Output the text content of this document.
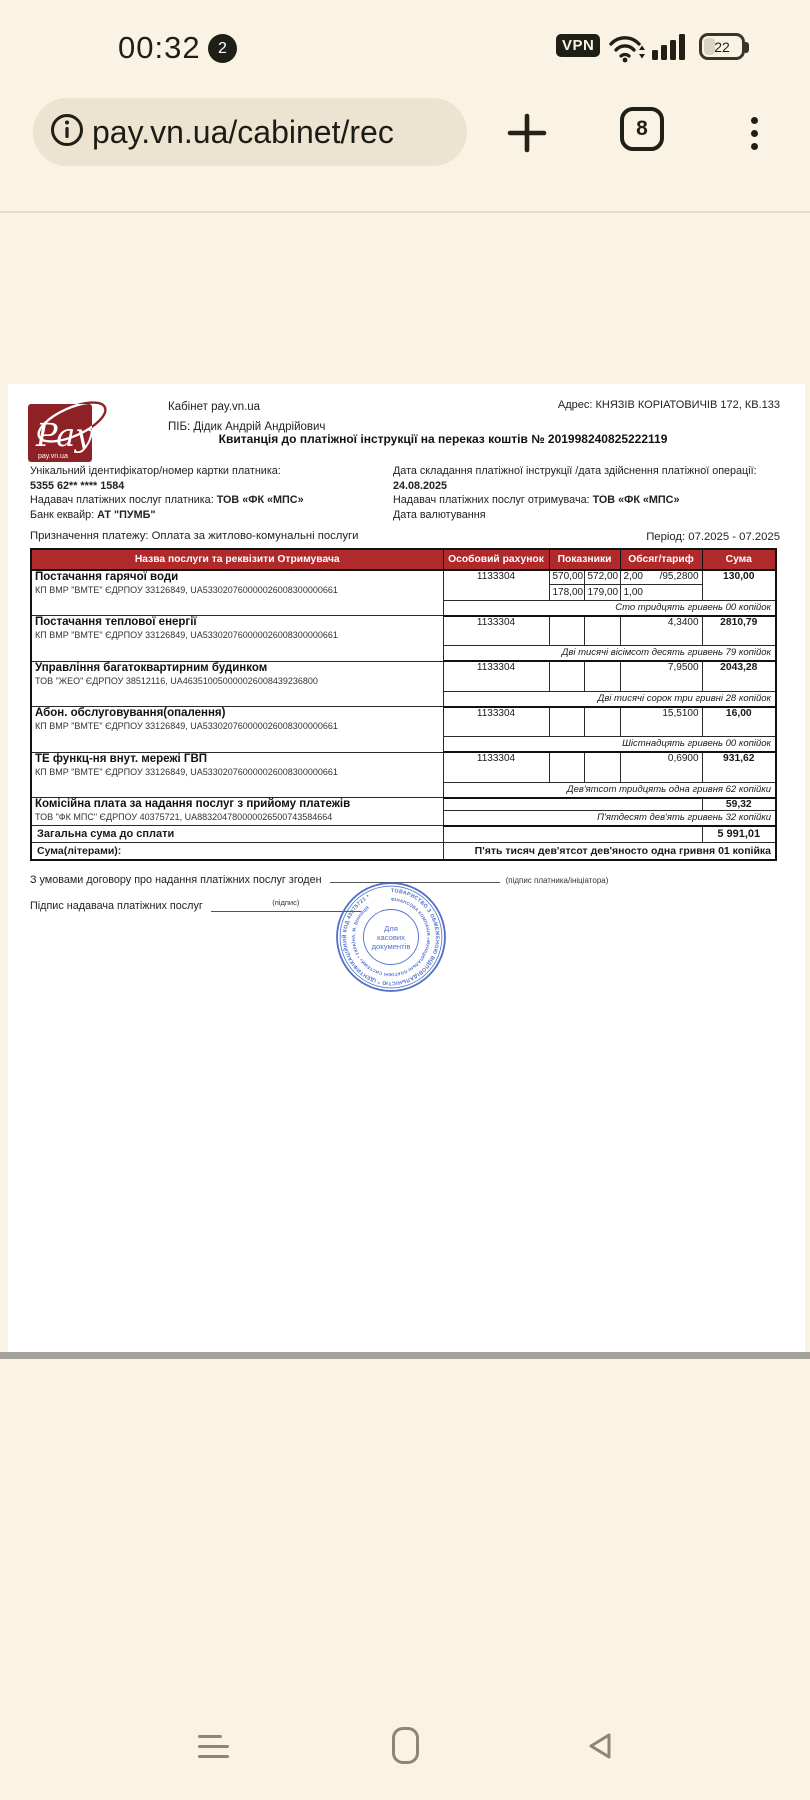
00:32	2	VPN	22
pay.vn.ua/cabinet/rec	8
Pay
pay.vn.ua
Кабінет pay.vn.ua
ПІБ: Дідик Андрій Андрійович
Адрес: КНЯЗІВ КОРІАТОВИЧІВ 172, КВ.133
Квитанція до платіжної інструкції на переказ коштів № 201998240825222119
Унікальний ідентифікатор/номер картки платника:
5355 62** **** 1584
Надавач платіжних послуг платника: ТОВ «ФК «МПС»
Банк еквайр: АТ "ПУМБ"
Дата складання платіжної інструкції /дата здійснення платіжної операції:
24.08.2025
Надавач платіжних послуг отримувача: ТОВ «ФК «МПС»
Дата валютування
Призначення платежу: Оплата за житлово-комунальні послуги	Період: 07.2025 - 07.2025
Назва послуги та реквізити Отримувача	Особовий рахунок	Показники		Обсяг/тариф	Сума

Постачання гарячої води
КП ВМР "ВМТЕ" ЄДРПОУ 33126849, UA533020760000026008300000661
	1133304	570,00	572,00	2,00 /95,2800	130,00
		178,00	179,00	1,00	

	Сто тридцять гривень 00 копійок				

Постачання теплової енергії
КП ВМР "ВМТЕ" ЄДРПОУ 33126849, UA533020760000026008300000661	1133304			4,3400	2810,79
	Дві тисячі вісімсот десять гривень 79 копійок				

Управління багатоквартирним будинком
ТОВ "ЖЕО" ЄДРПОУ 38512116, UA463510050000026008439236800	1133304			7,9500	2043,28
	Дві тисячі сорок три гривні 28 копійок				

Абон. обслуговування(опалення)
КП ВМР "ВМТЕ" ЄДРПОУ 33126849, UA533020760000026008300000661	1133304			15,5100	16,00
	Шістнадцять гривень 00 копійок				

ТЕ функц-ня внут. мережі ГВП
КП ВМР "ВМТЕ" ЄДРПОУ 33126849, UA533020760000026008300000661	1133304			0,6900	931,62
	Дев'ятсот тридцять одна гривня 62 копійки				

Комісійна плата за надання послуг з прийому платежів
ТОВ "ФК МПС" ЄДРПОУ 40375721, UA883204780000026500743584664					59,32
	П'ятдесят дев'ять гривень 32 копійки				
Загальна сума до сплати					5 991,01
Сума(літерами):	П'ять тисяч дев'ятсот дев'яносто одна гривня 01 копійка				
З умовами договору про надання платіжних послуг згоден	(підпис платника/ініціатора)
Підпис надавача платіжних послуг	(підпис)
ТОВАРИСТВО З ОБМЕЖЕНОЮ ВІДПОВІДАЛЬНІСТЮ * ІДЕНТИФІКАЦІЙНИЙ КОД 40375721 *	ФІНАНСОВА КОМПАНІЯ «МУНІЦИПАЛЬНІ ПЛАТІЖНІ СИСТЕМИ» * УКРАЇНА, М. ВІННИЦЯ
Для
касових
документів
